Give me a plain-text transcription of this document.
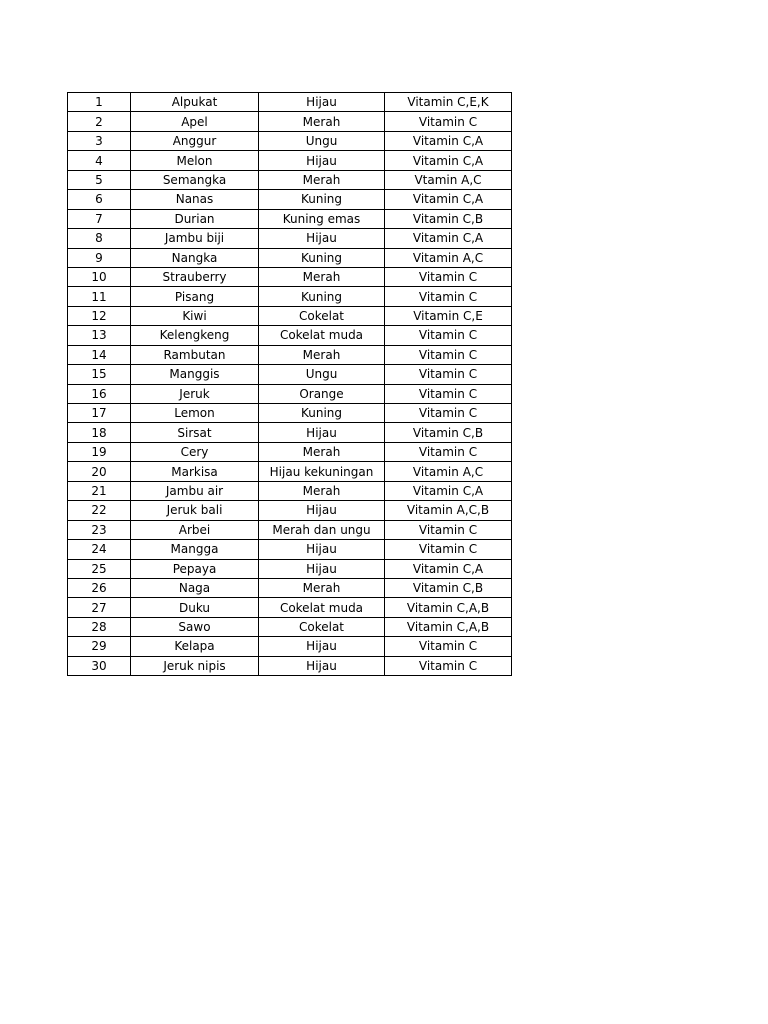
1	Alpukat	Hijau	Vitamin C,E,K
2	Apel	Merah	Vitamin C
3	Anggur	Ungu	Vitamin C,A
4	Melon	Hijau	Vitamin C,A
5	Semangka	Merah	Vtamin A,C
6	Nanas	Kuning	Vitamin C,A
7	Durian	Kuning emas	Vitamin C,B
8	Jambu biji	Hijau	Vitamin C,A
9	Nangka	Kuning	Vitamin A,C
10	Strauberry	Merah	Vitamin C
11	Pisang	Kuning	Vitamin C
12	Kiwi	Cokelat	Vitamin C,E
13	Kelengkeng	Cokelat muda	Vitamin C
14	Rambutan	Merah	Vitamin C
15	Manggis	Ungu	Vitamin C
16	Jeruk	Orange	Vitamin C
17	Lemon	Kuning	Vitamin C
18	Sirsat	Hijau	Vitamin C,B
19	Cery	Merah	Vitamin C
20	Markisa	Hijau kekuningan	Vitamin A,C
21	Jambu air	Merah	Vitamin C,A
22	Jeruk bali	Hijau	Vitamin A,C,B
23	Arbei	Merah dan ungu	Vitamin C
24	Mangga	Hijau	Vitamin C
25	Pepaya	Hijau	Vitamin C,A
26	Naga	Merah	Vitamin C,B
27	Duku	Cokelat muda	Vitamin C,A,B
28	Sawo	Cokelat	Vitamin C,A,B
29	Kelapa	Hijau	Vitamin C
30	Jeruk nipis	Hijau	Vitamin C
